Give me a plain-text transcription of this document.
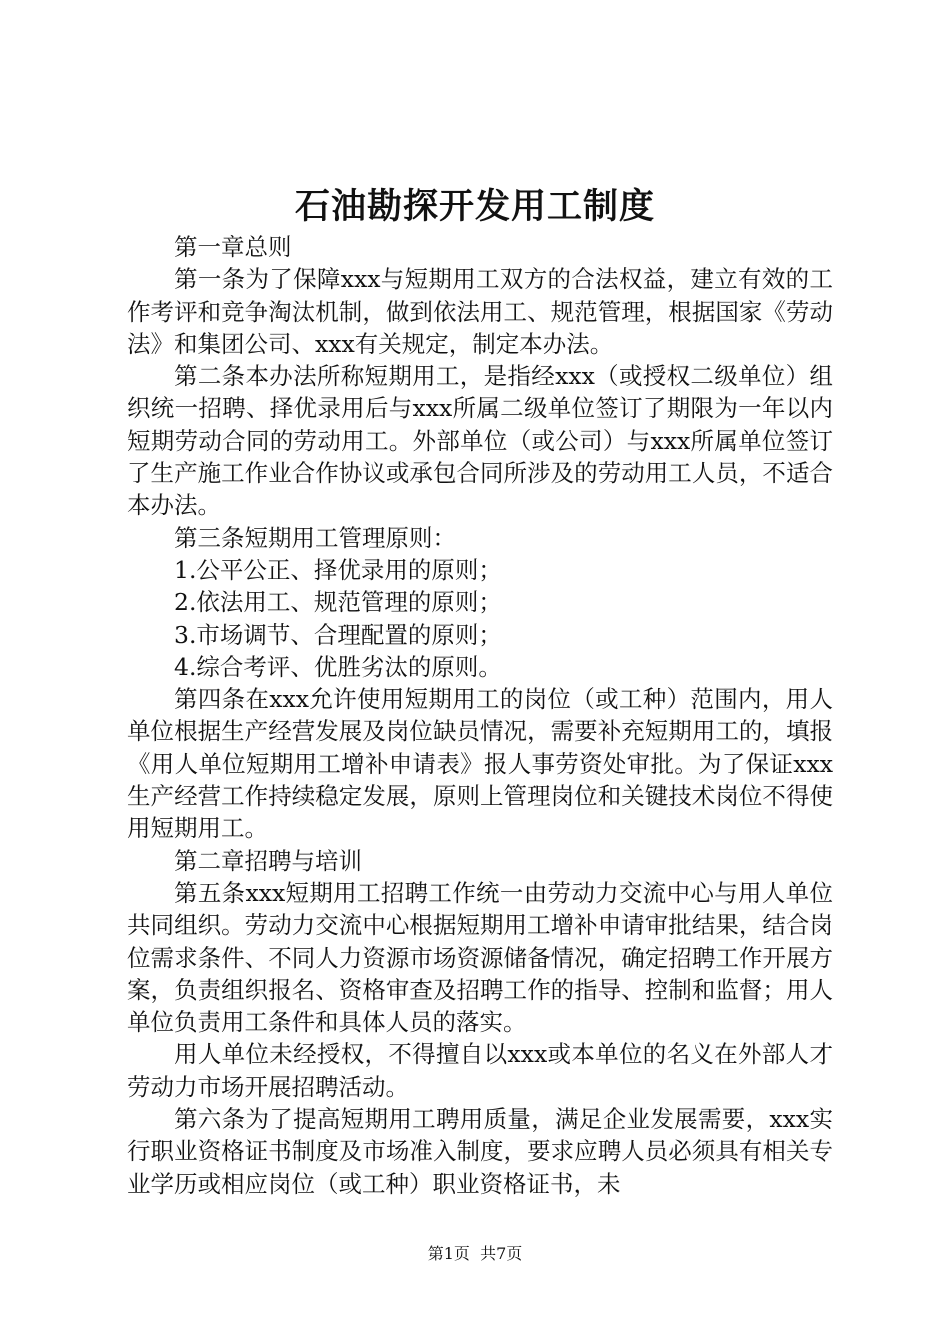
石油勘探开发用工制度

第一章总则

第一条为了保障xxx与短期用工双方的合法权益，建立有效的工作考评和竞争淘汰机制，做到依法用工、规范管理，根据国家《劳动法》和集团公司、xxx有关规定，制定本办法。

第二条本办法所称短期用工，是指经xxx（或授权二级单位）组织统一招聘、择优录用后与xxx所属二级单位签订了期限为一年以内短期劳动合同的劳动用工。外部单位（或公司）与xxx所属单位签订了生产施工作业合作协议或承包合同所涉及的劳动用工人员，不适合本办法。

第三条短期用工管理原则：

1.公平公正、择优录用的原则；

2.依法用工、规范管理的原则；

3.市场调节、合理配置的原则；

4.综合考评、优胜劣汰的原则。

第四条在xxx允许使用短期用工的岗位（或工种）范围内，用人单位根据生产经营发展及岗位缺员情况，需要补充短期用工的，填报《用人单位短期用工增补申请表》报人事劳资处审批。为了保证xxx生产经营工作持续稳定发展，原则上管理岗位和关键技术岗位不得使用短期用工。

第二章招聘与培训

第五条xxx短期用工招聘工作统一由劳动力交流中心与用人单位共同组织。劳动力交流中心根据短期用工增补申请审批结果，结合岗位需求条件、不同人力资源市场资源储备情况，确定招聘工作开展方案，负责组织报名、资格审查及招聘工作的指导、控制和监督；用人单位负责用工条件和具体人员的落实。

用人单位未经授权，不得擅自以xxx或本单位的名义在外部人才劳动力市场开展招聘活动。

第六条为了提高短期用工聘用质量，满足企业发展需要，xxx实行职业资格证书制度及市场准入制度，要求应聘人员必须具有相关专业学历或相应岗位（或工种）职业资格证书，未

第1页  共7页
